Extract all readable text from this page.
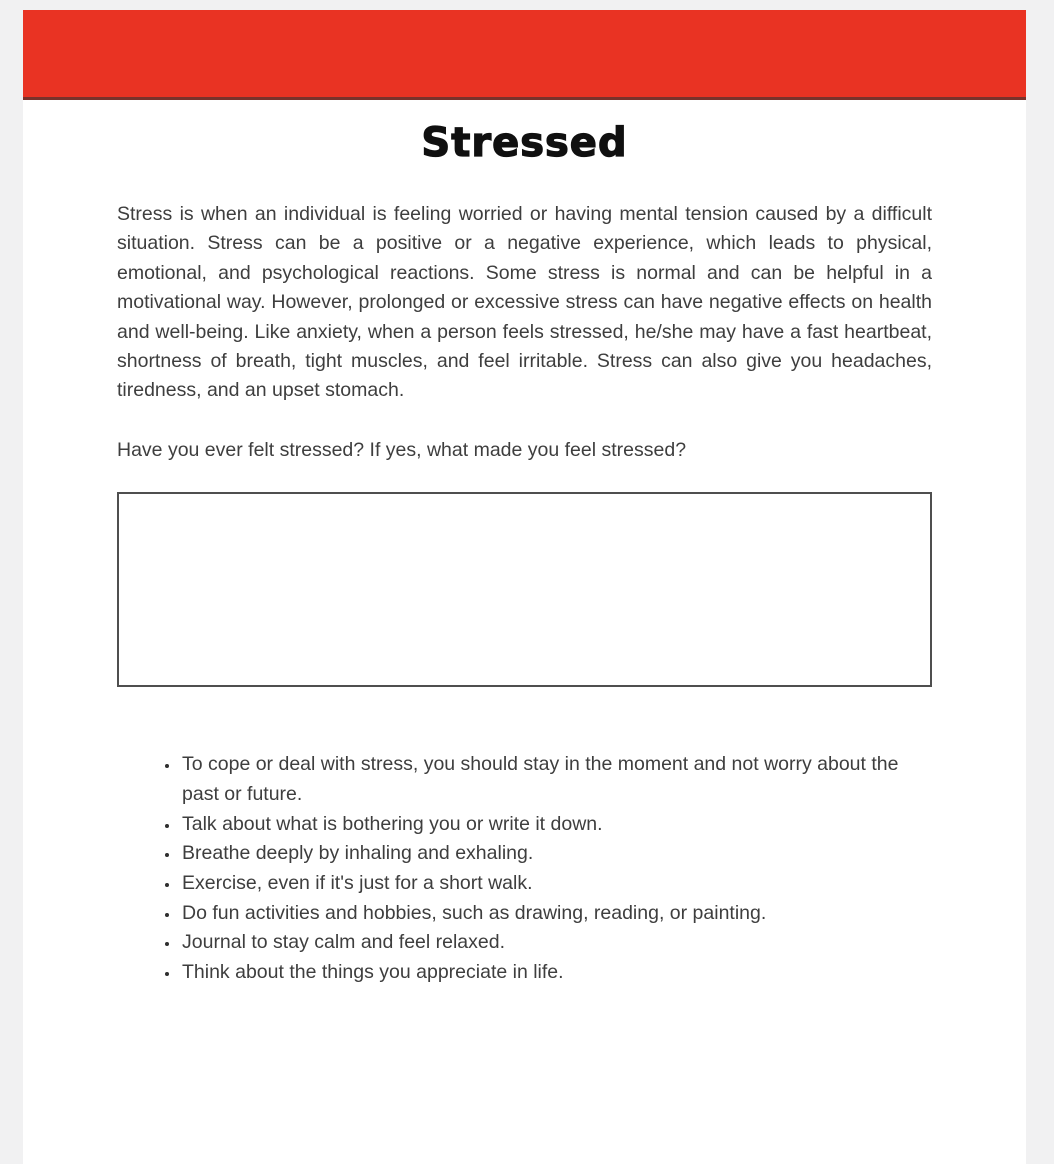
Stressed

Stress is when an individual is feeling worried or having mental tension caused by a difficult situation. Stress can be a positive or a negative experience, which leads to physical, emotional, and psychological reactions. Some stress is normal and can be helpful in a motivational way. However, prolonged or excessive stress can have negative effects on health and well-being. Like anxiety, when a person feels stressed, he/she may have a fast heartbeat, shortness of breath, tight muscles, and feel irritable. Stress can also give you headaches, tiredness, and an upset stomach.

Have you ever felt stressed? If yes, what made you feel stressed?

• To cope or deal with stress, you should stay in the moment and not worry about the past or future.
• Talk about what is bothering you or write it down.
• Breathe deeply by inhaling and exhaling.
• Exercise, even if it's just for a short walk.
• Do fun activities and hobbies, such as drawing, reading, or painting.
• Journal to stay calm and feel relaxed.
• Think about the things you appreciate in life.
